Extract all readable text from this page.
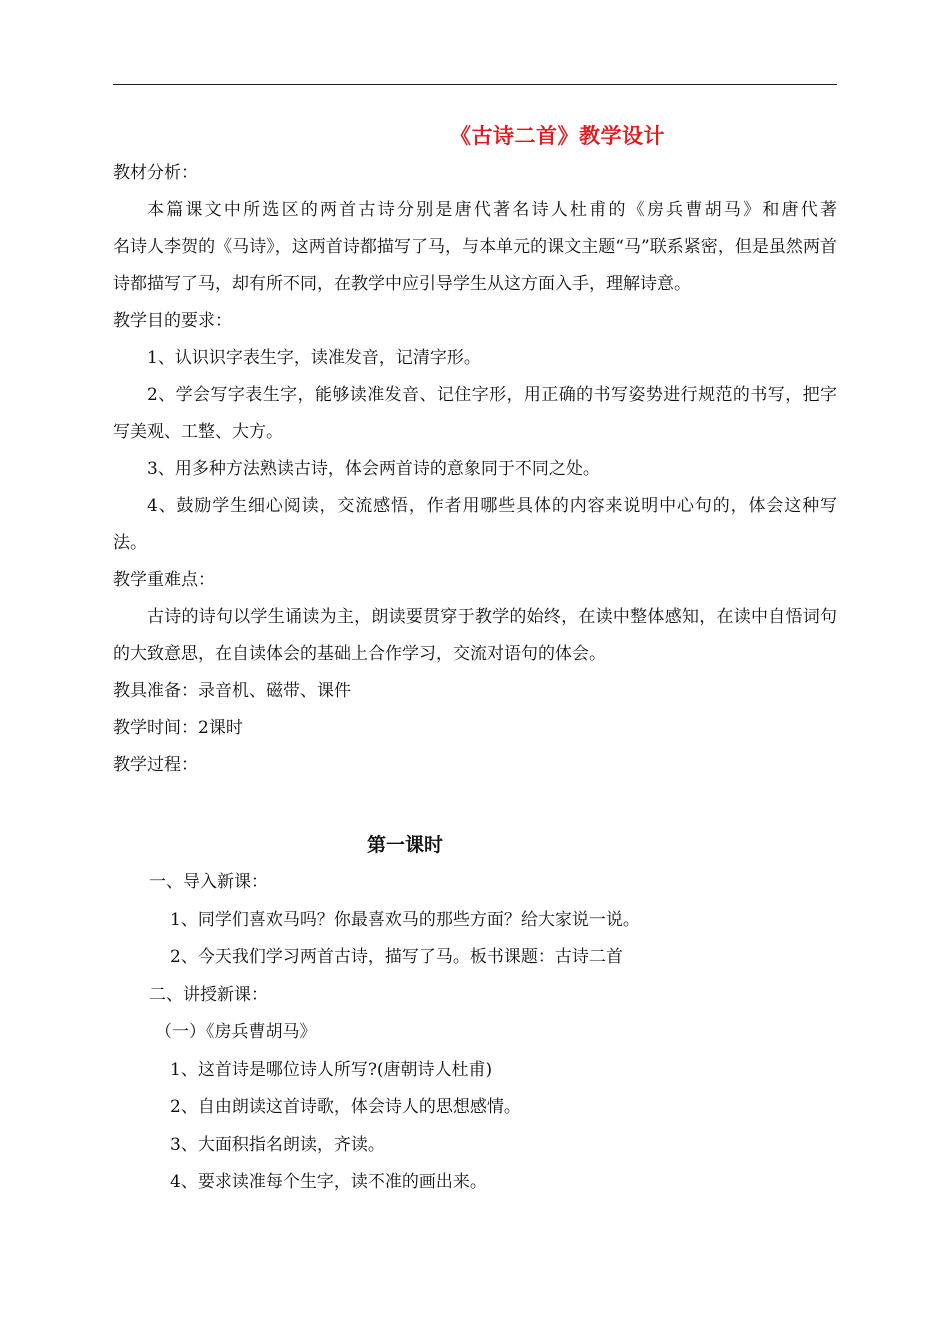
《古诗二首》教学设计

教材分析：

本篇课文中所选区的两首古诗分别是唐代著名诗人杜甫的《房兵曹胡马》和唐代著

名诗人李贺的《马诗》，这两首诗都描写了马，与本单元的课文主题“马”联系紧密，但是虽然两首诗都描写了马，却有所不同，在教学中应引导学生从这方面入手，理解诗意。

教学目的要求：

1、认识识字表生字，读准发音，记清字形。

2、学会写字表生字，能够读准发音、记住字形，用正确的书写姿势进行规范的书写，把字写美观、工整、大方。

3、用多种方法熟读古诗，体会两首诗的意象同于不同之处。

4、鼓励学生细心阅读，交流感悟，作者用哪些具体的内容来说明中心句的，体会这种写法。

教学重难点：

古诗的诗句以学生诵读为主，朗读要贯穿于教学的始终，在读中整体感知，在读中自悟词句的大致意思，在自读体会的基础上合作学习，交流对语句的体会。

教具准备：录音机、磁带、课件

教学时间：2课时

教学过程：

第一课时

一、导入新课：

1、同学们喜欢马吗？你最喜欢马的那些方面？给大家说一说。

2、今天我们学习两首古诗，描写了马。板书课题：古诗二首

二、讲授新课：

（一）《房兵曹胡马》

1、这首诗是哪位诗人所写?(唐朝诗人杜甫)

2、自由朗读这首诗歌，体会诗人的思想感情。

3、大面积指名朗读，齐读。

4、要求读准每个生字，读不准的画出来。
